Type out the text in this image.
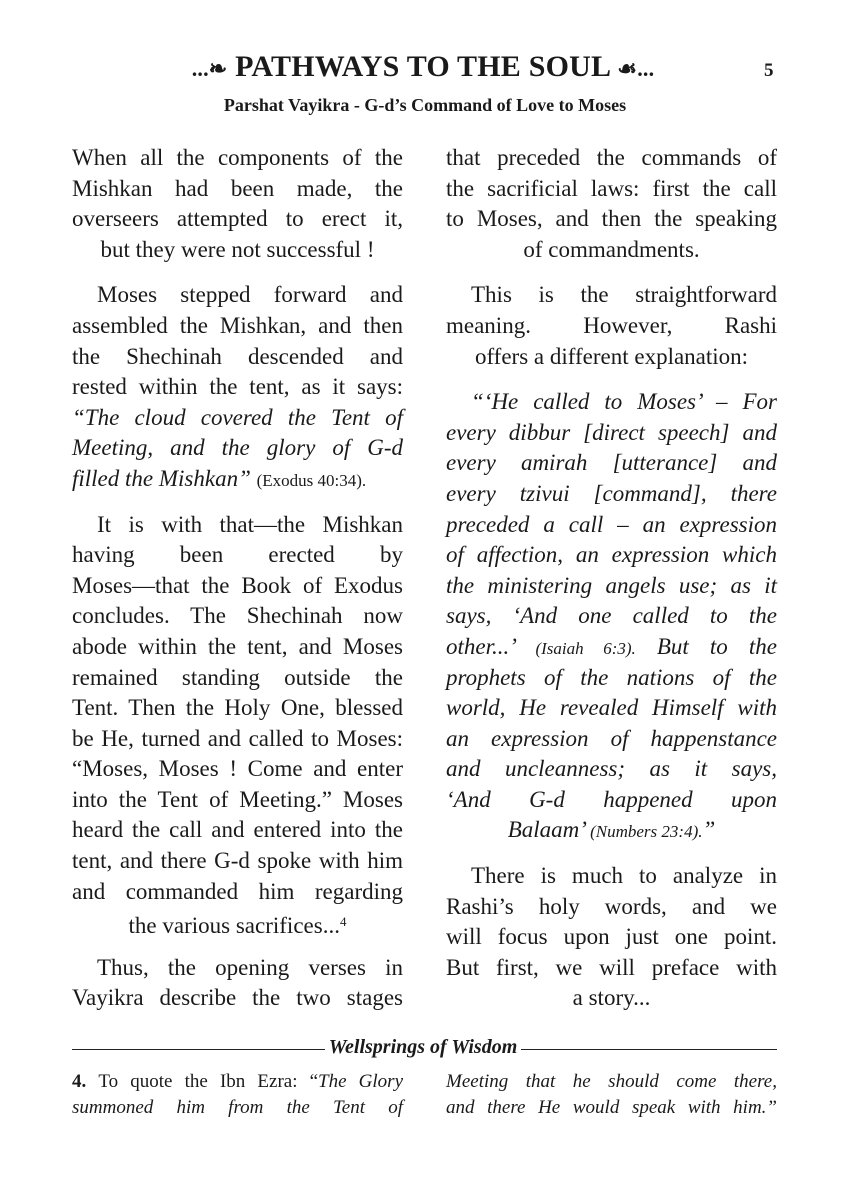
...❧ PATHWAYS TO THE SOUL ☙...	5
Parshat Vayikra - G-d’s Command of Love to Moses
When all the components of the
Mishkan had been made, the
overseers attempted to erect it,
but they were not successful !
Moses stepped forward and
assembled the Mishkan, and then
the Shechinah descended and
rested within the tent, as it says:
“The cloud covered the Tent of
Meeting, and the glory of G-d
filled the Mishkan” (Exodus 40:34).
It is with that—the Mishkan
having been erected by
Moses—that the Book of Exodus
concludes. The Shechinah now
abode within the tent, and Moses
remained standing outside the
Tent. Then the Holy One, blessed
be He, turned and called to Moses:
“Moses, Moses ! Come and enter
into the Tent of Meeting.” Moses
heard the call and entered into the
tent, and there G-d spoke with him
and commanded him regarding
the various sacrifices...$^4$
Thus, the opening verses in
Vayikra describe the two stages
that preceded the commands of
the sacrificial laws: first the call
to Moses, and then the speaking
of commandments.
This is the straightforward
meaning. However, Rashi
offers a different explanation:
“‘He called to Moses’ – For
every dibbur [direct speech] and
every amirah [utterance] and
every tzivui [command], there
preceded a call – an expression
of affection, an expression which
the ministering angels use; as it
says, ‘And one called to the
other...’ (Isaiah 6:3). But to the
prophets of the nations of the
world, He revealed Himself with
an expression of happenstance
and uncleanness; as it says,
‘And G-d happened upon
Balaam’ (Numbers 23:4).”
There is much to analyze in
Rashi’s holy words, and we
will focus upon just one point.
But first, we will preface with
a story...
Wellsprings of Wisdom
4. To quote the Ibn Ezra: “The Glory
summoned him from the Tent of
Meeting that he should come there,
and there He would speak with him.”
